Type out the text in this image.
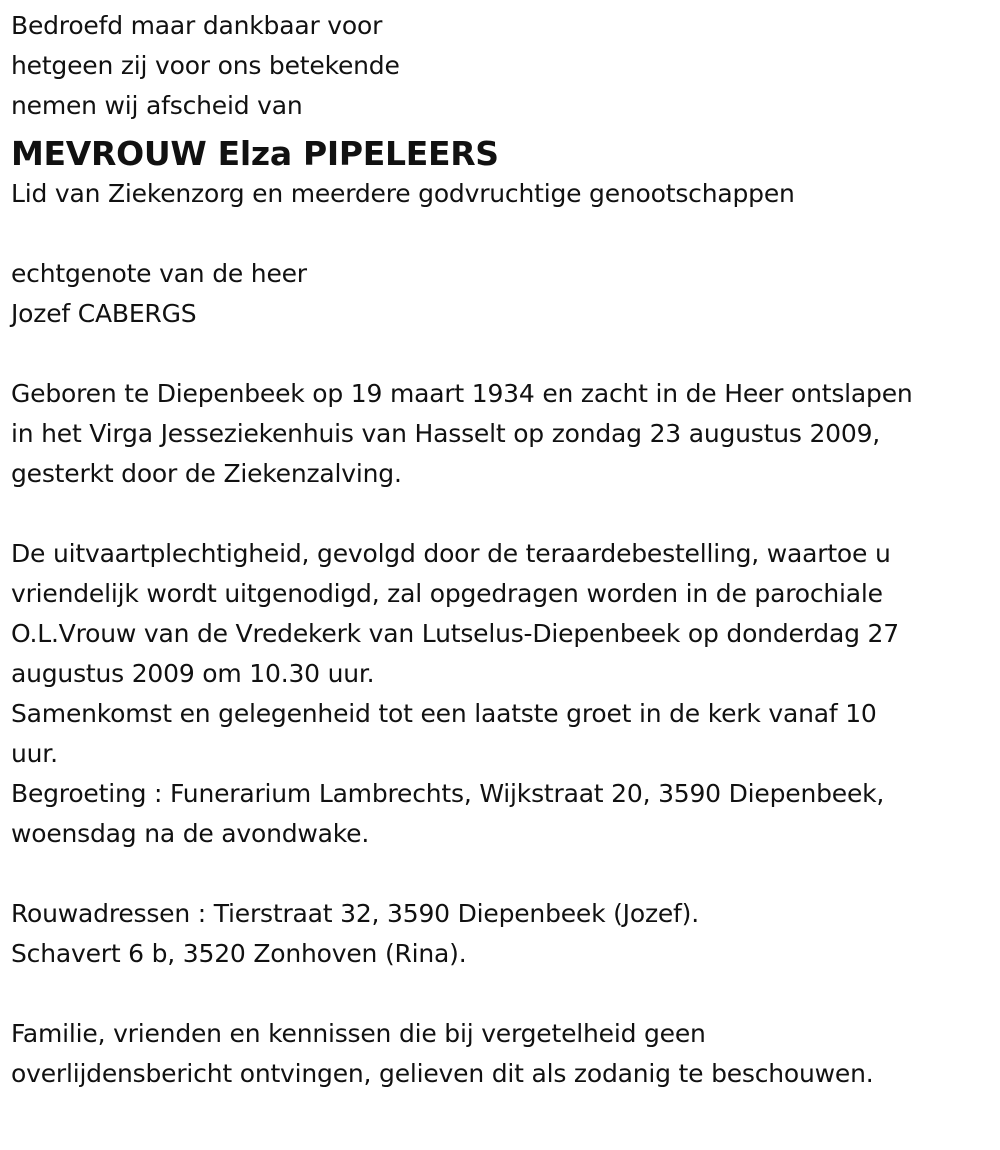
Bedroefd maar dankbaar voor
hetgeen zij voor ons betekende
nemen wij afscheid van
MEVROUW Elza PIPELEERS
Lid van Ziekenzorg en meerdere godvruchtige genootschappen
echtgenote van de heer
Jozef CABERGS
Geboren te Diepenbeek op 19 maart 1934 en zacht in de Heer ontslapen
in het Virga Jesseziekenhuis van Hasselt op zondag 23 augustus 2009,
gesterkt door de Ziekenzalving.
De uitvaartplechtigheid, gevolgd door de teraardebestelling, waartoe u
vriendelijk wordt uitgenodigd, zal opgedragen worden in de parochiale
O.L.Vrouw van de Vredekerk van Lutselus-Diepenbeek op donderdag 27
augustus 2009 om 10.30 uur.
Samenkomst en gelegenheid tot een laatste groet in de kerk vanaf 10
uur.
Begroeting : Funerarium Lambrechts, Wijkstraat 20, 3590 Diepenbeek,
woensdag na de avondwake.
Rouwadressen : Tierstraat 32, 3590 Diepenbeek (Jozef).
Schavert 6 b, 3520 Zonhoven (Rina).
Familie, vrienden en kennissen die bij vergetelheid geen
overlijdensbericht ontvingen, gelieven dit als zodanig te beschouwen.
